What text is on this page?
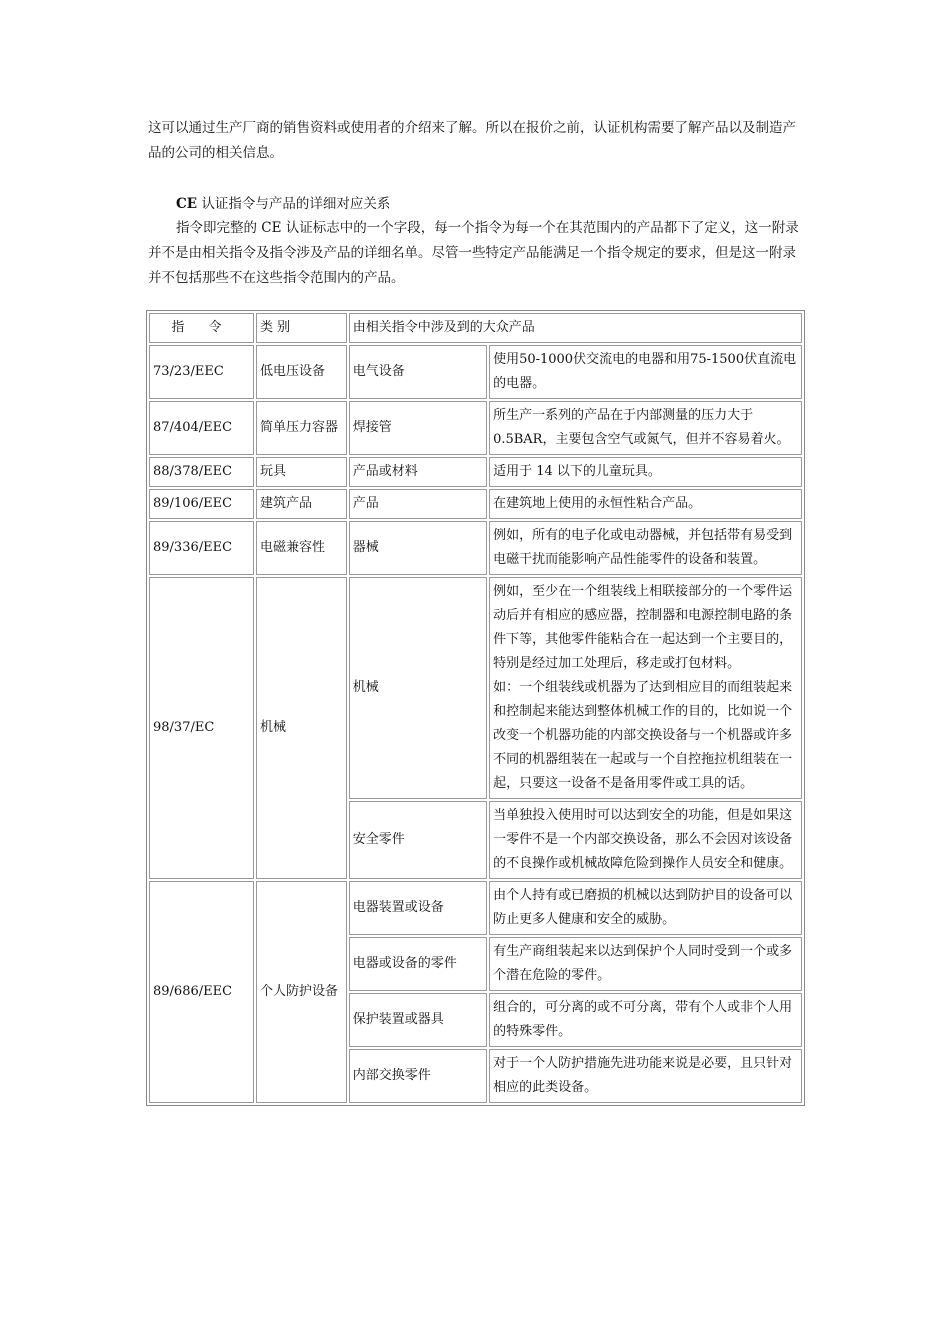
这可以通过生产厂商的销售资料或使用者的介绍来了解。所以在报价之前，认证机构需要了解产品以及制造产品的公司的相关信息。

CE 认证指令与产品的详细对应关系

指令即完整的 CE 认证标志中的一个字段，每一个指令为每一个在其范围内的产品都下了定义，这一附录并不是由相关指令及指令涉及产品的详细名单。尽管一些特定产品能满足一个指令规定的要求，但是这一附录并不包括那些不在这些指令范围内的产品。

指 令	类 别	由相关指令中涉及到的大众产品	
73/23/EEC	低电压设备	电气设备	使用50-1000伏交流电的电器和用75-1500伏直流电的电器。
87/404/EEC	简单压力容器	焊接管	所生产一系列的产品在于内部测量的压力大于0.5BAR，主要包含空气或氮气，但并不容易着火。
88/378/EEC	玩具	产品或材料	适用于 14 以下的儿童玩具。
89/106/EEC	建筑产品	产品	在建筑地上使用的永恒性粘合产品。
89/336/EEC	电磁兼容性	器械	例如，所有的电子化或电动器械，并包括带有易受到电磁干扰而能影响产品性能零件的设备和装置。
98/37/EC	机械	机械	例如，至少在一个组装线上相联接部分的一个零件运动后并有相应的感应器，控制器和电源控制电路的条件下等，其他零件能粘合在一起达到一个主要目的，特别是经过加工处理后，移走或打包材料。
如：一个组装线或机器为了达到相应目的而组装起来和控制起来能达到整体机械工作的目的，比如说一个改变一个机器功能的内部交换设备与一个机器或许多不同的机器组装在一起或与一个自控拖拉机组装在一起，只要这一设备不是备用零件或工具的话。

		安全零件	当单独投入使用时可以达到安全的功能，但是如果这一零件不是一个内部交换设备，那么不会因对该设备的不良操作或机械故障危险到操作人员安全和健康。
89/686/EEC	个人防护设备	电器装置或设备	由个人持有或已磨损的机械以达到防护目的设备可以防止更多人健康和安全的威胁。
		电器或设备的零件	有生产商组装起来以达到保护个人同时受到一个或多个潜在危险的零件。
		保护装置或器具	组合的，可分离的或不可分离，带有个人或非个人用的特殊零件。
		内部交换零件	对于一个人防护措施先进功能来说是必要，且只针对相应的此类设备。
